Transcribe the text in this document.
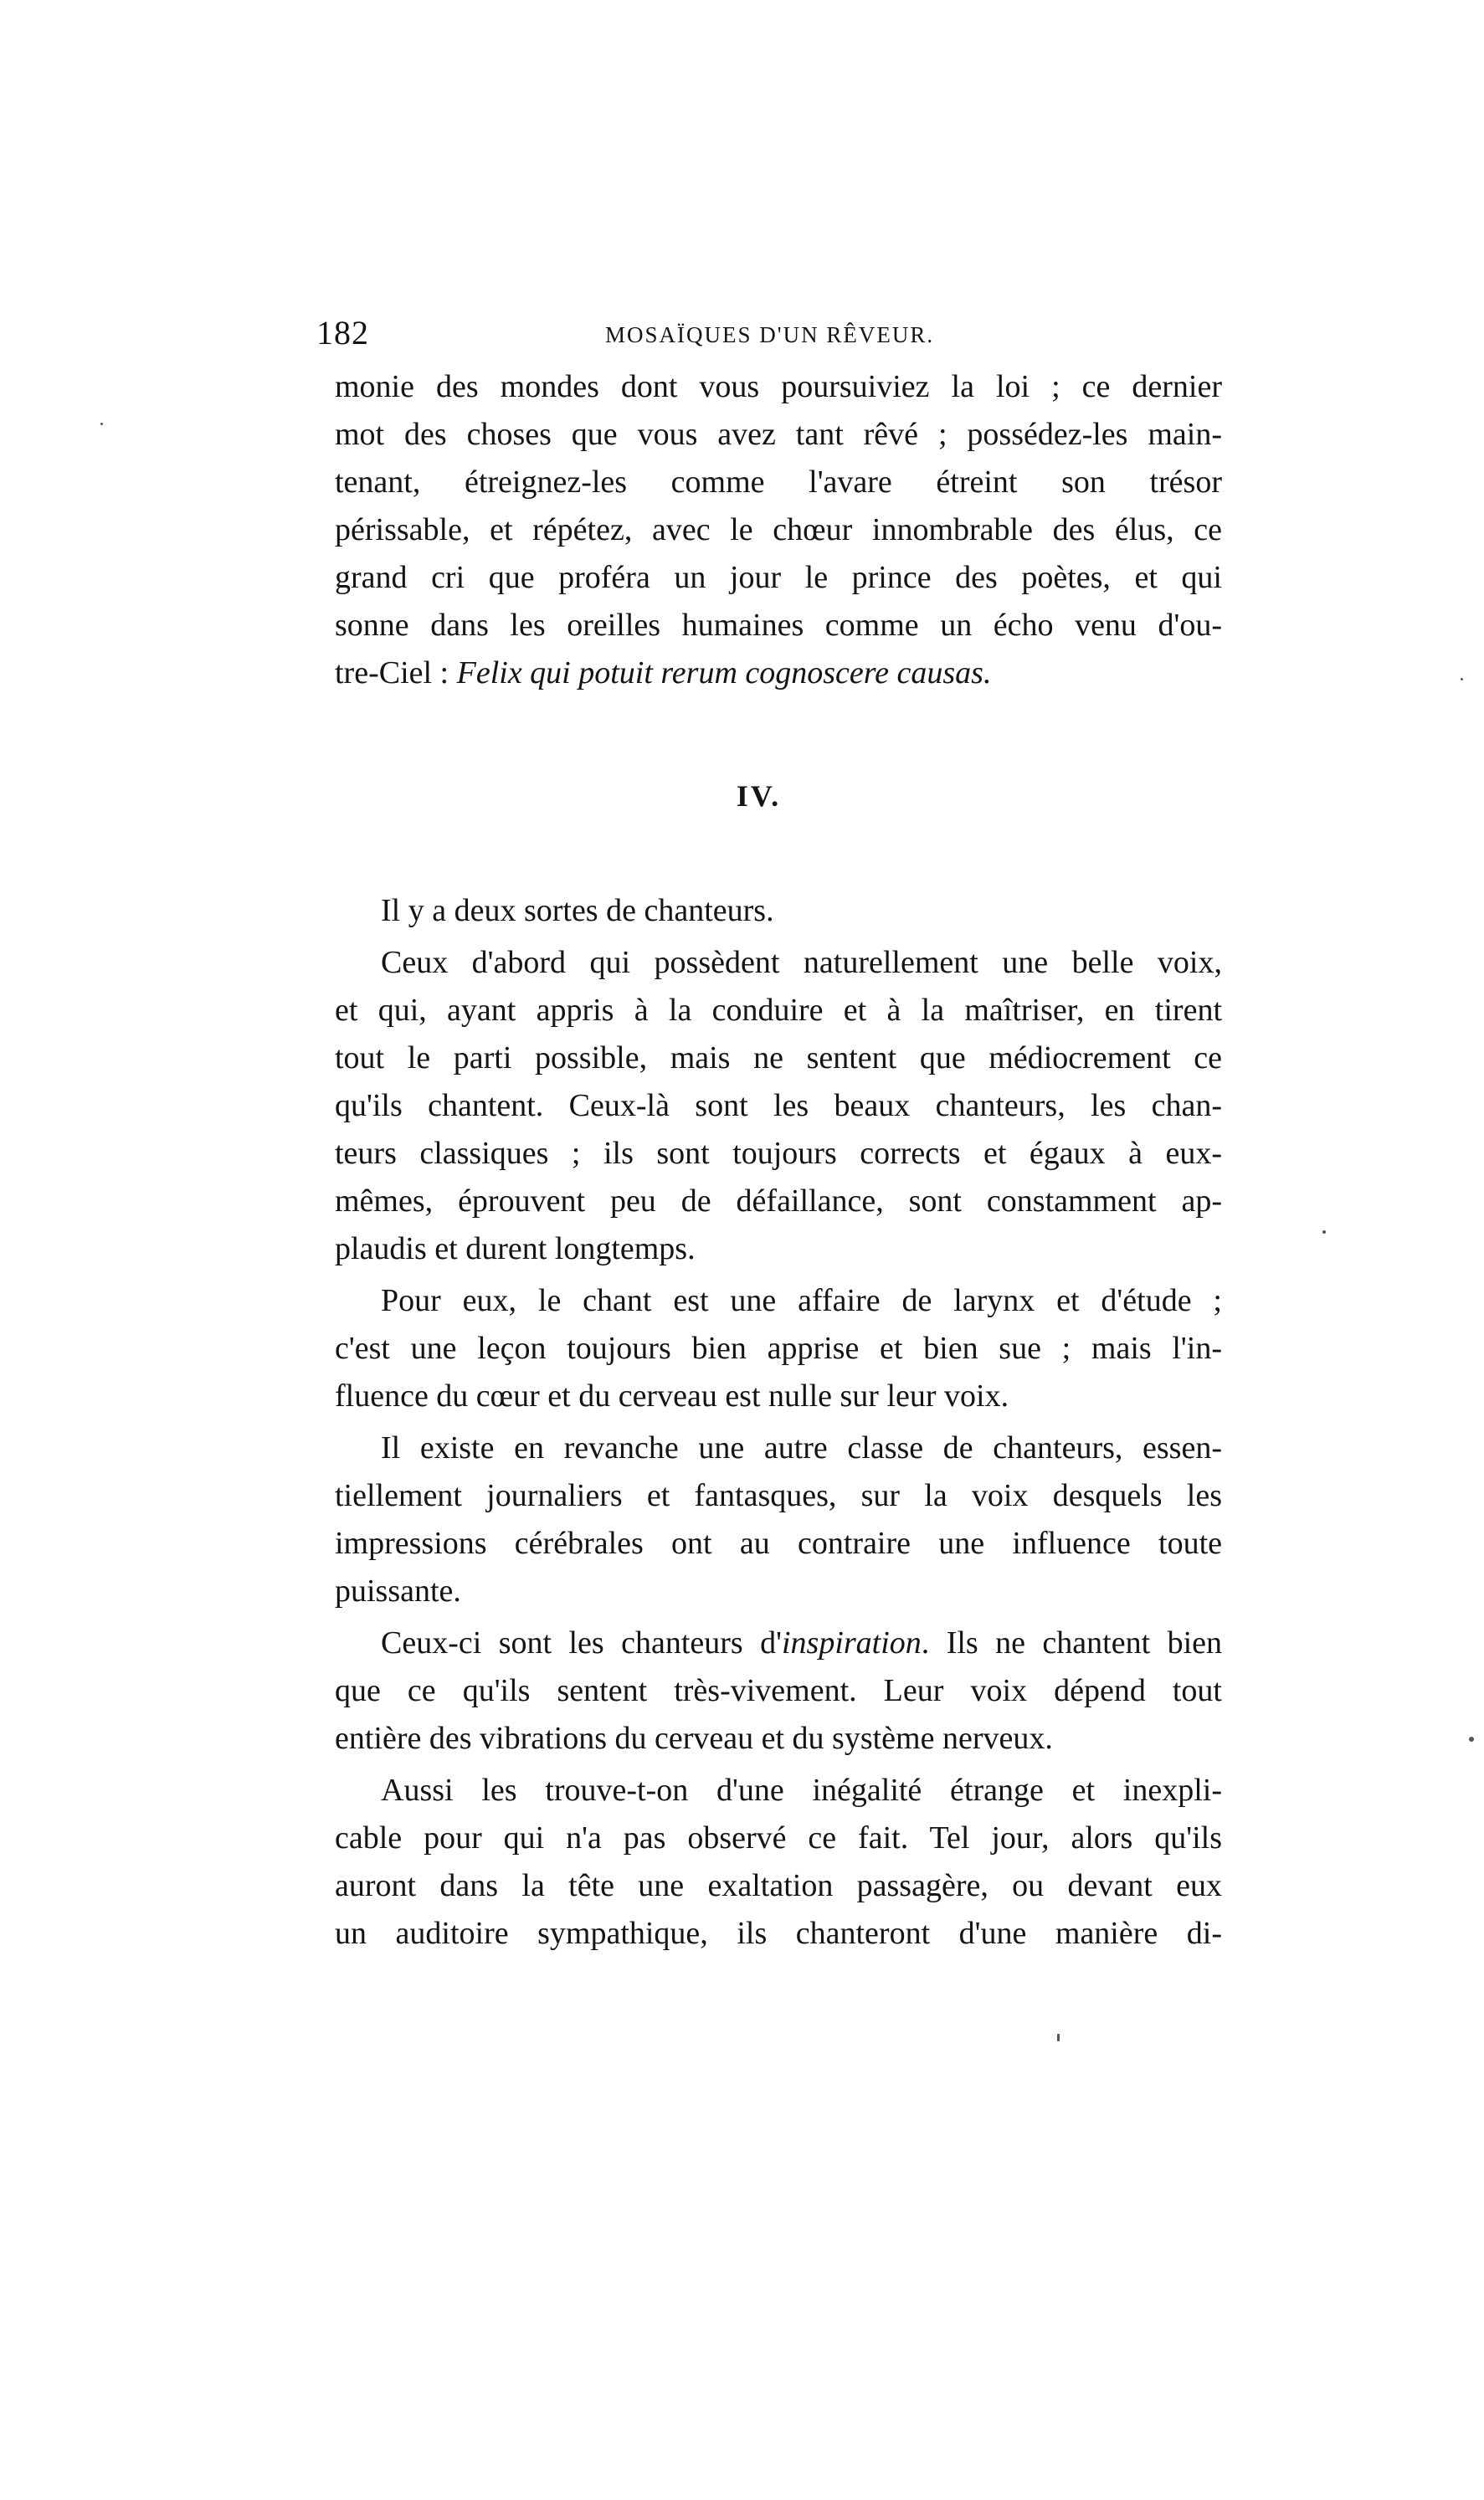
182	MOSAÏQUES D'UN RÊVEUR.
monie des mondes dont vous poursuiviez la loi ; ce dernier
mot des choses que vous avez tant rêvé ; possédez-les main-
tenant, étreignez-les comme l'avare étreint son trésor
périssable, et répétez, avec le chœur innombrable des élus, ce
grand cri que proféra un jour le prince des poètes, et qui
sonne dans les oreilles humaines comme un écho venu d'ou-
tre-Ciel : Felix qui potuit rerum cognoscere causas.
IV.
Il y a deux sortes de chanteurs.
Ceux d'abord qui possèdent naturellement une belle voix,
et qui, ayant appris à la conduire et à la maîtriser, en tirent
tout le parti possible, mais ne sentent que médiocrement ce
qu'ils chantent. Ceux-là sont les beaux chanteurs, les chan-
teurs classiques ; ils sont toujours corrects et égaux à eux-
mêmes, éprouvent peu de défaillance, sont constamment ap-
plaudis et durent longtemps.
Pour eux, le chant est une affaire de larynx et d'étude ;
c'est une leçon toujours bien apprise et bien sue ; mais l'in-
fluence du cœur et du cerveau est nulle sur leur voix.
Il existe en revanche une autre classe de chanteurs, essen-
tiellement journaliers et fantasques, sur la voix desquels les
impressions cérébrales ont au contraire une influence toute
puissante.
Ceux-ci sont les chanteurs d'inspiration. Ils ne chantent bien
que ce qu'ils sentent très-vivement. Leur voix dépend tout
entière des vibrations du cerveau et du système nerveux.
Aussi les trouve-t-on d'une inégalité étrange et inexpli-
cable pour qui n'a pas observé ce fait. Tel jour, alors qu'ils
auront dans la tête une exaltation passagère, ou devant eux
un auditoire sympathique, ils chanteront d'une manière di-
